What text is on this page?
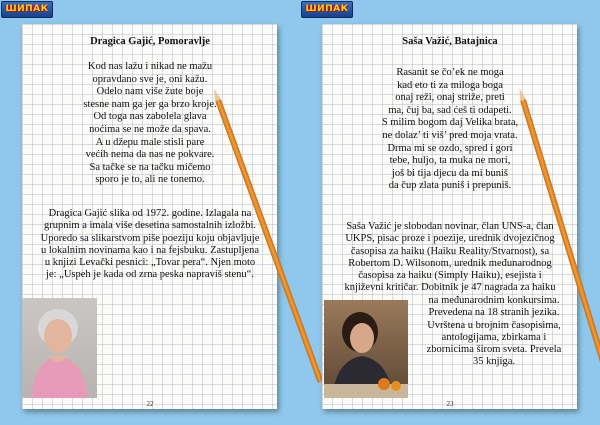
ШИПАК
Dragica Gajić, Pomoravlje
Kod nas lažu i nikad ne mažu
opravdano sve je, oni kažu.
Odelo nam više žute boje
stesne nam ga jer ga brzo kroje.
Od toga nas zabolela glava
noćima se ne može da spava.
A u džepu male stisli pare
većih nema da nas ne pokvare.
Sa tačke se na tačku mičemo
sporo je to, ali ne tonemo.
Dragica Gajić slika od 1972. godine. Izlagala na
grupnim a imala više desetina samostalnih izložbi.
Uporedo sa slikarstvom piše poeziju koju objavljuje
u lokalnim novinama kao i na fejsbuku. Zastupljena
u knjizi Levački pesnici: „Tovar pera“. Njen moto
je: „Uspeh je kada od zrna peska napraviš stenu“.
22
ШИПАК
Saša Važić, Batajnica
Rasanit se čo’ek ne moga
kad eto ti za miloga boga
onaj reži, onaj striže, preti
ma, čuj ba, sad ćeš ti odapeti.
S milim bogom daj Velika brata,
ne dolaz’ ti viš’ pred moja vrata.
Drma mi se ozdo, spred i gori
tebe, huljo, ta muka ne mori,
još bi tija djecu da mi buniš
da čup zlata puniš i prepuniš.
Saša Važić je slobodan novinar, član UNS-a, član
UKPS, pisac proze i poezije, urednik dvojezičnog
časopisa za haiku (Haiku Reality/Stvarnost), sa
Robertom D. Wilsonom, urednik međunarodnog
časopisa za haiku (Simply Haiku), esejista i
književni kritičar. Dobitnik je 47 nagrada za haiku
na međunarodnim konkursima.
Prevedena na 18 stranih jezika.
Uvrštena u brojnim časopisima,
antologijama, zbirkama i
zbornicima širom sveta. Prevela
35 knjiga.
23
